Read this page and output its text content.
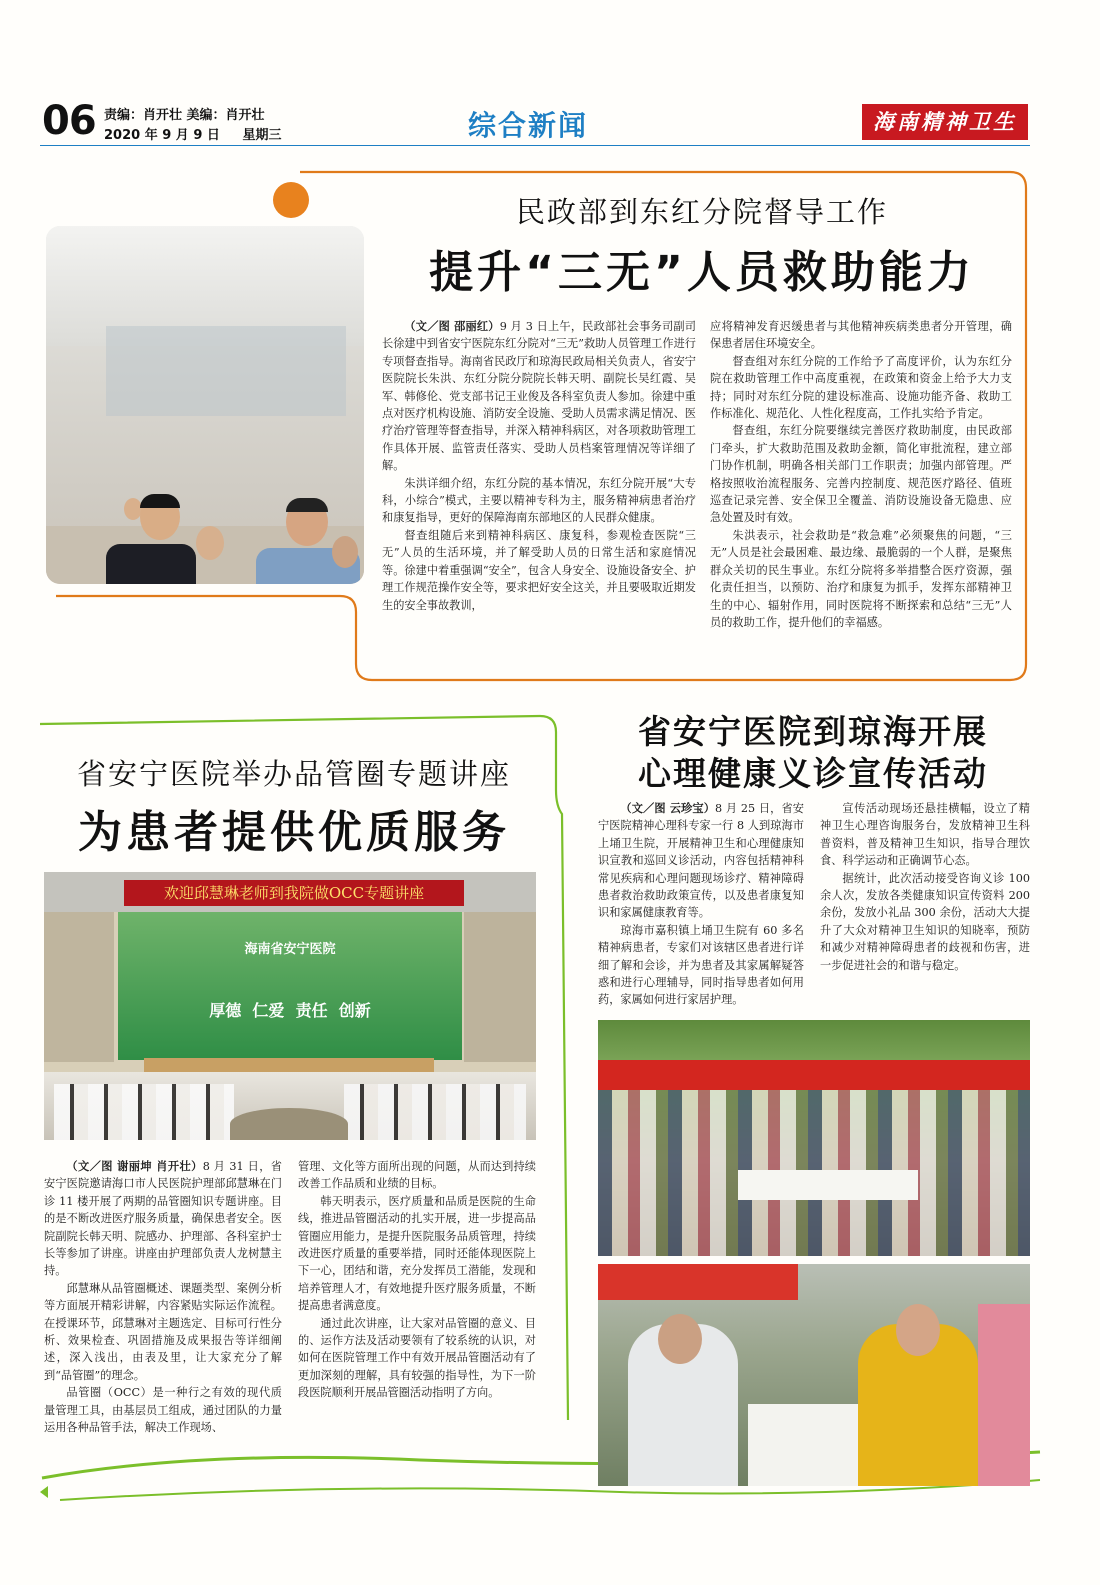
06 责编：肖开壮 美编：肖开壮
2020 年 9 月 9 日     星期三	综合新闻	海南精神卫生
民政部到东红分院督导工作
提升“三无”人员救助能力

（文／图 邵丽红）9 月 3 日上午，民政部社会事务司副司长徐建中到省安宁医院东红分院对“三无”救助人员管理工作进行专项督查指导。海南省民政厅和琼海民政局相关负责人，省安宁医院院长朱洪、东红分院分院院长韩天明、副院长吴红霞、吴军、韩修伦、党支部书记王业俊及各科室负责人参加。徐建中重点对医疗机构设施、消防安全设施、受助人员需求满足情况、医疗治疗管理等督查指导，并深入精神科病区，对各项救助管理工作具体开展、监管责任落实、受助人员档案管理情况等详细了解。

朱洪详细介绍，东红分院的基本情况，东红分院开展“大专科，小综合”模式，主要以精神专科为主，服务精神病患者治疗和康复指导，更好的保障海南东部地区的人民群众健康。

督查组随后来到精神科病区、康复科，参观检查医院“三无”人员的生活环境，并了解受助人员的日常生活和家庭情况等。徐建中着重强调“安全”，包含人身安全、设施设备安全、护理工作规范操作安全等，要求把好安全这关，并且要吸取近期发生的安全事故教训，

应将精神发育迟缓患者与其他精神疾病类患者分开管理，确保患者居住环境安全。

督查组对东红分院的工作给予了高度评价，认为东红分院在救助管理工作中高度重视，在政策和资金上给予大力支持；同时对东红分院的建设标准高、设施功能齐备、救助工作标准化、规范化、人性化程度高，工作扎实给予肯定。

督查组，东红分院要继续完善医疗救助制度，由民政部门牵头，扩大救助范围及救助金额，简化审批流程，建立部门协作机制，明确各相关部门工作职责；加强内部管理。严格按照收治流程服务、完善内控制度、规范医疗路径、值班巡查记录完善、安全保卫全覆盖、消防设施设备无隐患、应急处置及时有效。

朱洪表示，社会救助是“救急难”必须聚焦的问题，“三无”人员是社会最困难、最边缘、最脆弱的一个人群，是聚焦群众关切的民生事业。东红分院将多举措整合医疗资源，强化责任担当，以预防、治疗和康复为抓手，发挥东部精神卫生的中心、辐射作用，同时医院将不断探索和总结“三无”人员的救助工作，提升他们的幸福感。

省安宁医院举办品管圈专题讲座
为患者提供优质服务
欢迎邱慧琳老师到我院做OCC专题讲座
海南省安宁医院
厚德  仁爱  责任  创新

（文／图 谢丽坤 肖开壮）8 月 31 日，省安宁医院邀请海口市人民医院护理部邱慧琳在门诊 11 楼开展了两期的品管圈知识专题讲座。目的是不断改进医疗服务质量，确保患者安全。医院副院长韩天明、院感办、护理部、各科室护士长等参加了讲座。讲座由护理部负责人龙树慧主持。

邱慧琳从品管圈概述、课题类型、案例分析等方面展开精彩讲解，内容紧贴实际运作流程。在授课环节，邱慧琳对主题选定、目标可行性分析、效果检查、巩固措施及成果报告等详细阐述，深入浅出，由表及里，让大家充分了解到“品管圈”的理念。

品管圈（OCC）是一种行之有效的现代质量管理工具，由基层员工组成，通过团队的力量运用各种品管手法，解决工作现场、

管理、文化等方面所出现的问题，从而达到持续改善工作品质和业绩的目标。

韩天明表示，医疗质量和品质是医院的生命线，推进品管圈活动的扎实开展，进一步提高品管圈应用能力，是提升医院服务品质管理，持续改进医疗质量的重要举措，同时还能体现医院上下一心，团结和谐，充分发挥员工潜能，发现和培养管理人才，有效地提升医疗服务质量，不断提高患者满意度。

通过此次讲座，让大家对品管圈的意义、目的、运作方法及活动要领有了较系统的认识，对如何在医院管理工作中有效开展品管圈活动有了更加深刻的理解，具有较强的指导性，为下一阶段医院顺利开展品管圈活动指明了方向。

省安宁医院到琼海开展
心理健康义诊宣传活动

（文／图 云珍宝）8 月 25 日，省安宁医院精神心理科专家一行 8 人到琼海市上埇卫生院，开展精神卫生和心理健康知识宣教和巡回义诊活动，内容包括精神科常见疾病和心理问题现场诊疗、精神障碍患者救治救助政策宣传，以及患者康复知识和家属健康教育等。

琼海市嘉积镇上埇卫生院有 60 多名精神病患者，专家们对该辖区患者进行详细了解和会诊，并为患者及其家属解疑答惑和进行心理辅导，同时指导患者如何用药，家属如何进行家居护理。

宣传活动现场还悬挂横幅，设立了精神卫生心理咨询服务台，发放精神卫生科普资料，普及精神卫生知识，指导合理饮食、科学运动和正确调节心态。

据统计，此次活动接受咨询义诊 100 余人次，发放各类健康知识宣传资料 200 余份，发放小礼品 300 余份，活动大大提升了大众对精神卫生知识的知晓率，预防和减少对精神障碍患者的歧视和伤害，进一步促进社会的和谐与稳定。
